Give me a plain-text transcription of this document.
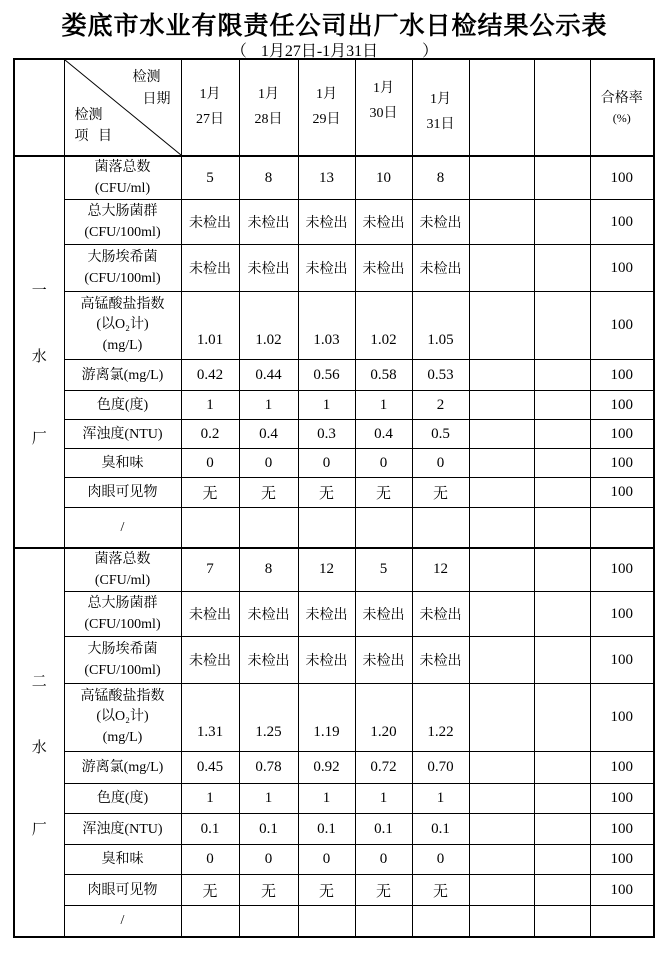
娄底市水业有限责任公司出厂水日检结果公示表
（ 1月27日-1月31日	）

检测
日期
检测
项 目

1月
27日

1月
28日

1月
29日

1月
30日

1月
31日

合格率
(%)

一
水
厂

菌落总数
(CFU/ml)
	5	8	13	10	8			100

	总大肠菌群
(CFU/100ml)	未检出	未检出	未检出	未检出	未检出			100

	大肠埃希菌
(CFU/100ml)	未检出	未检出	未检出	未检出	未检出			100

	高锰酸盐指数
(以O₂计)
(mg/L)	1.01	1.02	1.03	1.02	1.05			100

	游离氯(mg/L)	0.42	0.44	0.56	0.58	0.53			100

	色度(度)	1	1	1	1	2			100

	浑浊度(NTU)	0.2	0.4	0.3	0.4	0.5			100

	臭和味	0	0	0	0	0			100

	肉眼可见物	无	无	无	无	无			100

	/								

二
水
厂

菌落总数
(CFU/ml)
	7	8	12	5	12			100

	总大肠菌群
(CFU/100ml)	未检出	未检出	未检出	未检出	未检出			100

	大肠埃希菌
(CFU/100ml)	未检出	未检出	未检出	未检出	未检出			100

	高锰酸盐指数
(以O₂计)
(mg/L)	1.31	1.25	1.19	1.20	1.22			100

	游离氯(mg/L)	0.45	0.78	0.92	0.72	0.70			100

	色度(度)	1	1	1	1	1			100

	浑浊度(NTU)	0.1	0.1	0.1	0.1	0.1			100

	臭和味	0	0	0	0	0			100

	肉眼可见物	无	无	无	无	无			100

	/								
